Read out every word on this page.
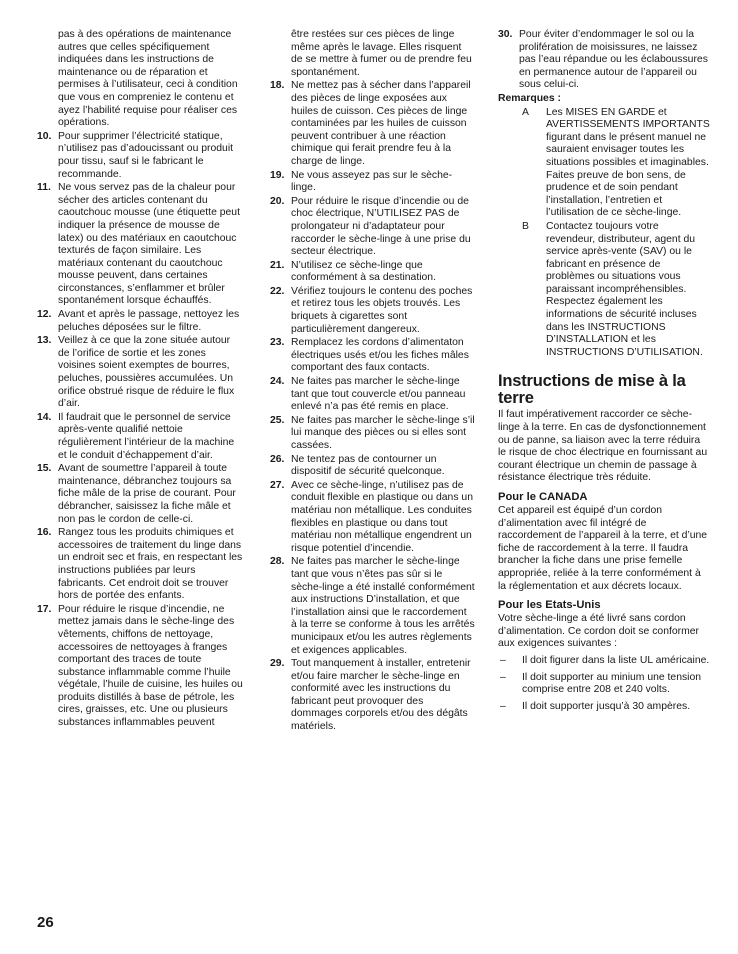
pas à des opérations de maintenance autres que celles spécifiquement indiquées dans les instructions de maintenance ou de réparation et permises à l’utilisateur, ceci à condition que vous en compreniez le contenu et ayez l’habilité requise pour réaliser ces opérations.
10. Pour supprimer l’électricité statique, n’utilisez pas d’adoucissant ou produit pour tissu, sauf si le fabricant le recommande.
11. Ne vous servez pas de la chaleur pour sécher des articles contenant du caoutchouc mousse (une étiquette peut indiquer la présence de mousse de latex) ou des matériaux en caoutchouc texturés de façon similaire. Les matériaux contenant du caoutchouc mousse peuvent, dans certaines circonstances, s’enflammer et brûler spontanément lorsque échauffés.
12. Avant et après le passage, nettoyez les peluches déposées sur le filtre.
13. Veillez à ce que la zone située autour de l’orifice de sortie et les zones voisines soient exemptes de bourres, peluches, poussières accumulées. Un orifice obstrué risque de réduire le flux d’air.
14. Il faudrait que le personnel de service après-vente qualifié nettoie régulièrement l’intérieur de la machine et le conduit d’échappement d’air.
15. Avant de soumettre l’appareil à toute maintenance, débranchez toujours sa fiche mâle de la prise de courant. Pour débrancher, saisissez la fiche mâle et non pas le cordon de celle-ci.
16. Rangez tous les produits chimiques et accessoires de traitement du linge dans un endroit sec et frais, en respectant les instructions publiées par leurs fabricants. Cet endroit doit se trouver hors de portée des enfants.
17. Pour réduire le risque d’incendie, ne mettez jamais dans le sèche-linge des vêtements, chiffons de nettoyage, accessoires de nettoyages à franges comportant des traces de toute substance inflammable comme l’huile végétale, l’huile de cuisine, les huiles ou produits distillés à base de pétrole, les cires, graisses, etc. Une ou plusieurs substances inflammables peuvent
être restées sur ces pièces de linge même après le lavage. Elles risquent de se mettre à fumer ou de prendre feu spontanément.
18. Ne mettez pas à sécher dans l’appareil des pièces de linge exposées aux huiles de cuisson. Ces pièces de linge contaminées par les huiles de cuisson peuvent contribuer à une réaction chimique qui ferait prendre feu à la charge de linge.
19. Ne vous asseyez pas sur le sèche-linge.
20. Pour réduire le risque d’incendie ou de choc électrique, N’UTILISEZ PAS de prolongateur ni d’adaptateur pour raccorder le sèche-linge à une prise du secteur électrique.
21. N’utilisez ce sèche-linge que conformément à sa destination.
22. Vérifiez toujours le contenu des poches et retirez tous les objets trouvés. Les briquets à cigarettes sont particulièrement dangereux.
23. Remplacez les cordons d’alimentaton électriques usés et/ou les fiches mâles comportant des faux contacts.
24. Ne faites pas marcher le sèche-linge tant que tout couvercle et/ou panneau enlevé n’a pas été remis en place.
25. Ne faites pas marcher le sèche-linge s’il lui manque des pièces ou si elles sont cassées.
26. Ne tentez pas de contourner un dispositif de sécurité quelconque.
27. Avec ce sèche-linge, n’utilisez pas de conduit flexible en plastique ou dans un matériau non métallique. Les conduites flexibles en plastique ou dans tout matériau non métallique engendrent un risque potentiel d’incendie.
28. Ne faites pas marcher le sèche-linge tant que vous n’êtes pas sûr si le sèche-linge a été installé conformément aux instructions D’installation, et que l’installation ainsi que le raccordement à la terre se conforme à tous les arrêtés municipaux et/ou les autres règlements et exigences applicables.
29. Tout manquement à installer, entretenir et/ou faire marcher le sèche-linge en conformité avec les instructions du fabricant peut provoquer des dommages corporels et/ou des dégâts matériels.
30. Pour éviter d’endommager le sol ou la prolifération de moisissures, ne laissez pas l’eau répandue ou les éclaboussures en permanence autour de l’appareil ou sous celui-ci.
Remarques :
A Les MISES EN GARDE et AVERTISSEMENTS IMPORTANTS figurant dans le présent manuel ne sauraient envisager toutes les situations possibles et imaginables. Faites preuve de bon sens, de prudence et de soin pendant l’installation, l’entretien et l’utilisation de ce sèche-linge.
B Contactez toujours votre revendeur, distributeur, agent du service après-vente (SAV) ou le fabricant en présence de problèmes ou situations vous paraissant incompréhensibles. Respectez également les informations de sécurité incluses dans les INSTRUCTIONS D’INSTALLATION et les INSTRUCTIONS D’UTILISATION.
Instructions de mise à la terre
Il faut impérativement raccorder ce sèche-linge à la terre. En cas de dysfonctionnement ou de panne, sa liaison avec la terre réduira le risque de choc électrique en fournissant au courant électrique un chemin de passage à résistance électrique très réduite.
Pour le CANADA
Cet appareil est équipé d’un cordon d’alimentation avec fil intégré de raccordement de l’appareil à la terre, et d’une fiche de raccordement à la terre. Il faudra brancher la fiche dans une prise femelle appropriée, reliée à la terre conformément à la réglementation et aux décrets locaux.
Pour les Etats-Unis
Votre sèche-linge a été livré sans cordon d’alimentation. Ce cordon doit se conformer aux exigences suivantes :
– Il doit figurer dans la liste UL américaine.
– Il doit supporter au minium une tension comprise entre 208 et 240 volts.
– Il doit supporter jusqu’à 30 ampères.
26
